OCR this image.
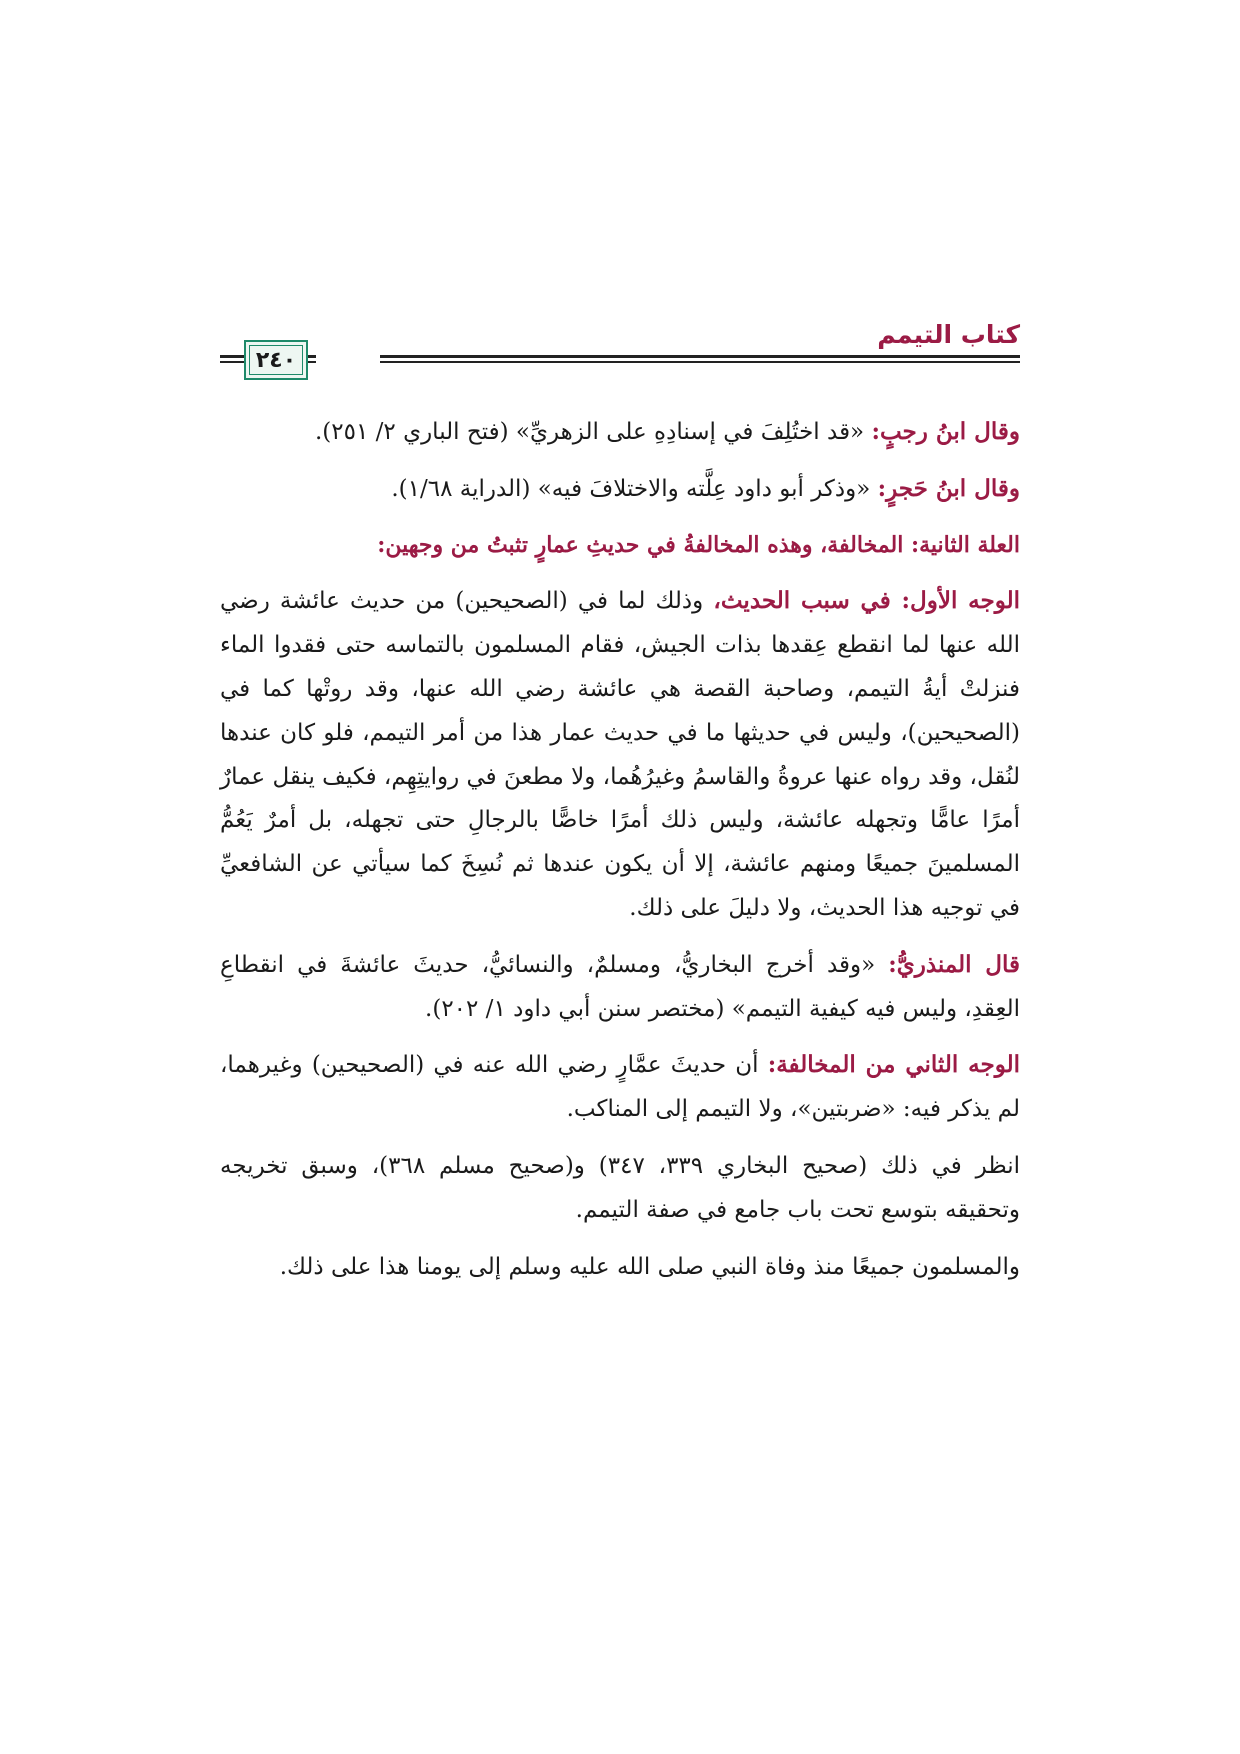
كتاب التيمم
٢٤٠

وقال ابنُ رجبٍ: «قد اختُلِفَ في إسنادِهِ على الزهريِّ» (فتح الباري ٢/ ٢٥١).

وقال ابنُ حَجرٍ: «وذكر أبو داود عِلَّته والاختلافَ فيه» (الدراية ١/٦٨).

العلة الثانية: المخالفة، وهذه المخالفةُ في حديثِ عمارٍ تثبتُ من وجهين:

الوجه الأول: في سبب الحديث، وذلك لما في (الصحيحين) من حديث عائشة رضي الله عنها لما انقطع عِقدها بذات الجيش، فقام المسلمون بالتماسه حتى فقدوا الماء فنزلتْ أيةُ التيمم، وصاحبة القصة هي عائشة رضي الله عنها، وقد روتْها كما في (الصحيحين)، وليس في حديثها ما في حديث عمار هذا من أمر التيمم، فلو كان عندها لنُقل، وقد رواه عنها عروةُ والقاسمُ وغيرُهُما، ولا مطعنَ في روايتِهِم، فكيف ينقل عمارٌ أمرًا عامًّا وتجهله عائشة، وليس ذلك أمرًا خاصًّا بالرجالِ حتى تجهله، بل أمرٌ يَعُمُّ المسلمينَ جميعًا ومنهم عائشة، إلا أن يكون عندها ثم نُسِخَ كما سيأتي عن الشافعيِّ في توجيه هذا الحديث، ولا دليلَ على ذلك.

قال المنذريُّ: «وقد أخرج البخاريُّ، ومسلمٌ، والنسائيُّ، حديثَ عائشةَ في انقطاعِ العِقدِ، وليس فيه كيفية التيمم» (مختصر سنن أبي داود ١/ ٢٠٢).

الوجه الثاني من المخالفة: أن حديثَ عمَّارٍ رضي الله عنه في (الصحيحين) وغيرهما، لم يذكر فيه: «ضربتين»، ولا التيمم إلى المناكب.

انظر في ذلك (صحيح البخاري ٣٣٩، ٣٤٧) و(صحيح مسلم ٣٦٨)، وسبق تخريجه وتحقيقه بتوسع تحت باب جامع في صفة التيمم.

والمسلمون جميعًا منذ وفاة النبي صلى الله عليه وسلم إلى يومنا هذا على ذلك.
